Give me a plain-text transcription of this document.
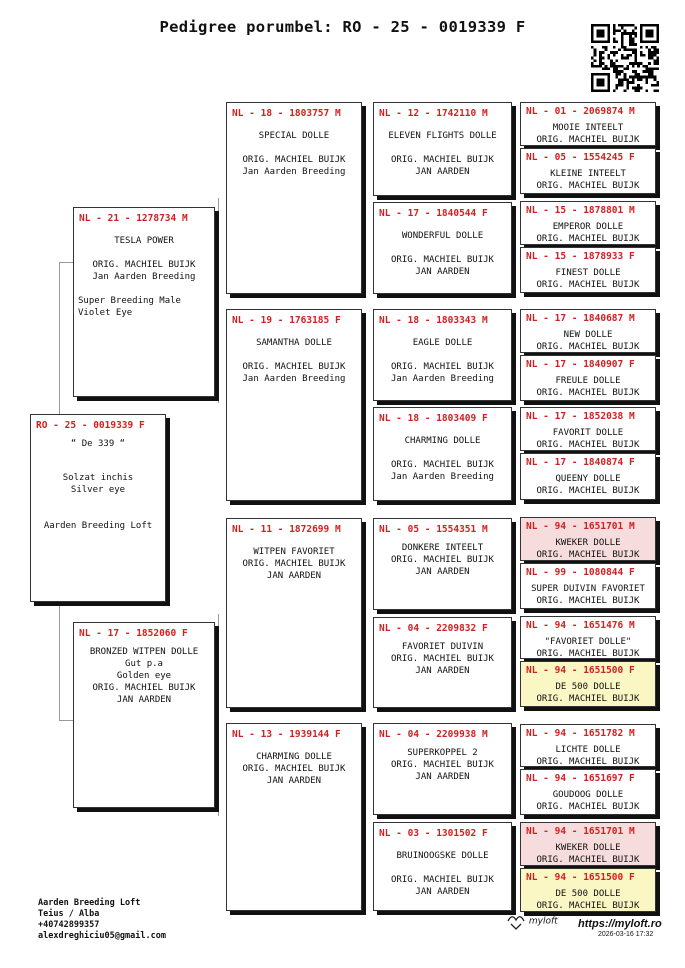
Pedigree porumbel: RO - 25 - 0019339 F
RO - 25 - 0019339 F
“ De 339 “
Solzat inchis
Silver eye
Aarden Breeding Loft
NL - 21 - 1278734 M
TESLA POWER
ORIG. MACHIEL BUIJK
Jan Aarden Breeding
Super Breeding Male
Violet Eye
NL - 17 - 1852060 F
BRONZED WITPEN DOLLE
Gut p.a
Golden eye
ORIG. MACHIEL BUIJK
JAN AARDEN
NL - 18 - 1803757 M
SPECIAL DOLLE
ORIG. MACHIEL BUIJK
Jan Aarden Breeding
NL - 19 - 1763185 F
SAMANTHA DOLLE
ORIG. MACHIEL BUIJK
Jan Aarden Breeding
NL - 11 - 1872699 M
WITPEN FAVORIET
ORIG. MACHIEL BUIJK
JAN AARDEN
NL - 13 - 1939144 F
CHARMING DOLLE
ORIG. MACHIEL BUIJK
JAN AARDEN
NL - 12 - 1742110 M
ELEVEN FLIGHTS DOLLE
ORIG. MACHIEL BUIJK
JAN AARDEN
NL - 17 - 1840544 F
WONDERFUL DOLLE
ORIG. MACHIEL BUIJK
JAN AARDEN
NL - 18 - 1803343 M
EAGLE DOLLE
ORIG. MACHIEL BUIJK
Jan Aarden Breeding
NL - 18 - 1803409 F
CHARMING DOLLE
ORIG. MACHIEL BUIJK
Jan Aarden Breeding
NL - 05 - 1554351 M
DONKERE INTEELT
ORIG. MACHIEL BUIJK
JAN AARDEN
NL - 04 - 2209832 F
FAVORIET DUIVIN
ORIG. MACHIEL BUIJK
JAN AARDEN
NL - 04 - 2209938 M
SUPERKOPPEL 2
ORIG. MACHIEL BUIJK
JAN AARDEN
NL - 03 - 1301502 F
BRUINOOGSKE DOLLE
ORIG. MACHIEL BUIJK
JAN AARDEN
NL - 01 - 2069874 M
MOOIE INTEELT
ORIG. MACHIEL BUIJK
NL - 05 - 1554245 F
KLEINE INTEELT
ORIG. MACHIEL BUIJK
NL - 15 - 1878801 M
EMPEROR DOLLE
ORIG. MACHIEL BUIJK
NL - 15 - 1878933 F
FINEST DOLLE
ORIG. MACHIEL BUIJK
NL - 17 - 1840687 M
NEW DOLLE
ORIG. MACHIEL BUIJK
NL - 17 - 1840907 F
FREULE DOLLE
ORIG. MACHIEL BUIJK
NL - 17 - 1852038 M
FAVORIT DOLLE
ORIG. MACHIEL BUIJK
NL - 17 - 1840874 F
QUEENY DOLLE
ORIG. MACHIEL BUIJK
NL - 94 - 1651701 M
KWEKER DOLLE
ORIG. MACHIEL BUIJK
NL - 99 - 1080844 F
SUPER DUIVIN FAVORIET
ORIG. MACHIEL BUIJK
NL - 94 - 1651476 M
"FAVORIET DOLLE"
ORIG. MACHIEL BUIJK
NL - 94 - 1651500 F
DE 500 DOLLE
ORIG. MACHIEL BUIJK
NL - 94 - 1651782 M
LICHTE DOLLE
ORIG. MACHIEL BUIJK
NL - 94 - 1651697 F
GOUDOOG DOLLE
ORIG. MACHIEL BUIJK
NL - 94 - 1651701 M
KWEKER DOLLE
ORIG. MACHIEL BUIJK
NL - 94 - 1651500 F
DE 500 DOLLE
ORIG. MACHIEL BUIJK
Aarden Breeding Loft
Teius / Alba
+40742899357
alexdreghiciu05@gmail.com
myloft https://myloft.ro
2026-03-16 17:32
